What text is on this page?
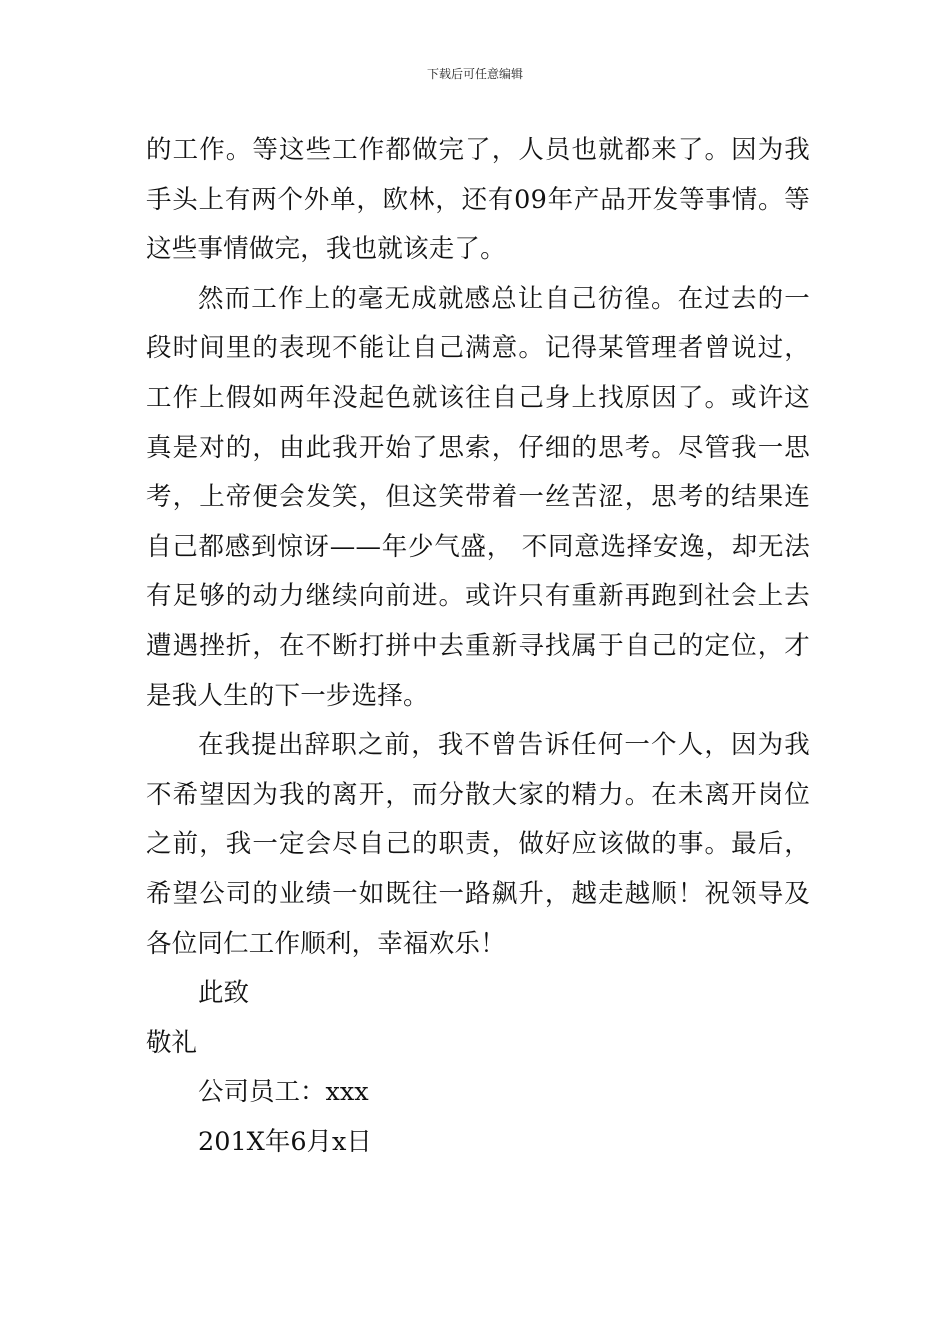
下载后可任意编辑

的工作。等这些工作都做完了，人员也就都来了。因为我手头上有两个外单，欧林，还有09年产品开发等事情。等这些事情做完，我也就该走了。

然而工作上的毫无成就感总让自己彷徨。在过去的一段时间里的表现不能让自己满意。记得某管理者曾说过，工作上假如两年没起色就该往自己身上找原因了。或许这真是对的，由此我开始了思索，仔细的思考。尽管我一思考，上帝便会发笑，但这笑带着一丝苦涩，思考的结果连自己都感到惊讶——年少气盛， 不同意选择安逸，却无法有足够的动力继续向前进。或许只有重新再跑到社会上去遭遇挫折，在不断打拼中去重新寻找属于自己的定位，才是我人生的下一步选择。

在我提出辞职之前，我不曾告诉任何一个人，因为我不希望因为我的离开，而分散大家的精力。在未离开岗位之前，我一定会尽自己的职责，做好应该做的事。最后，希望公司的业绩一如既往一路飙升，越走越顺！祝领导及各位同仁工作顺利，幸福欢乐！

此致

敬礼

公司员工：xxx

201X年6月x日
